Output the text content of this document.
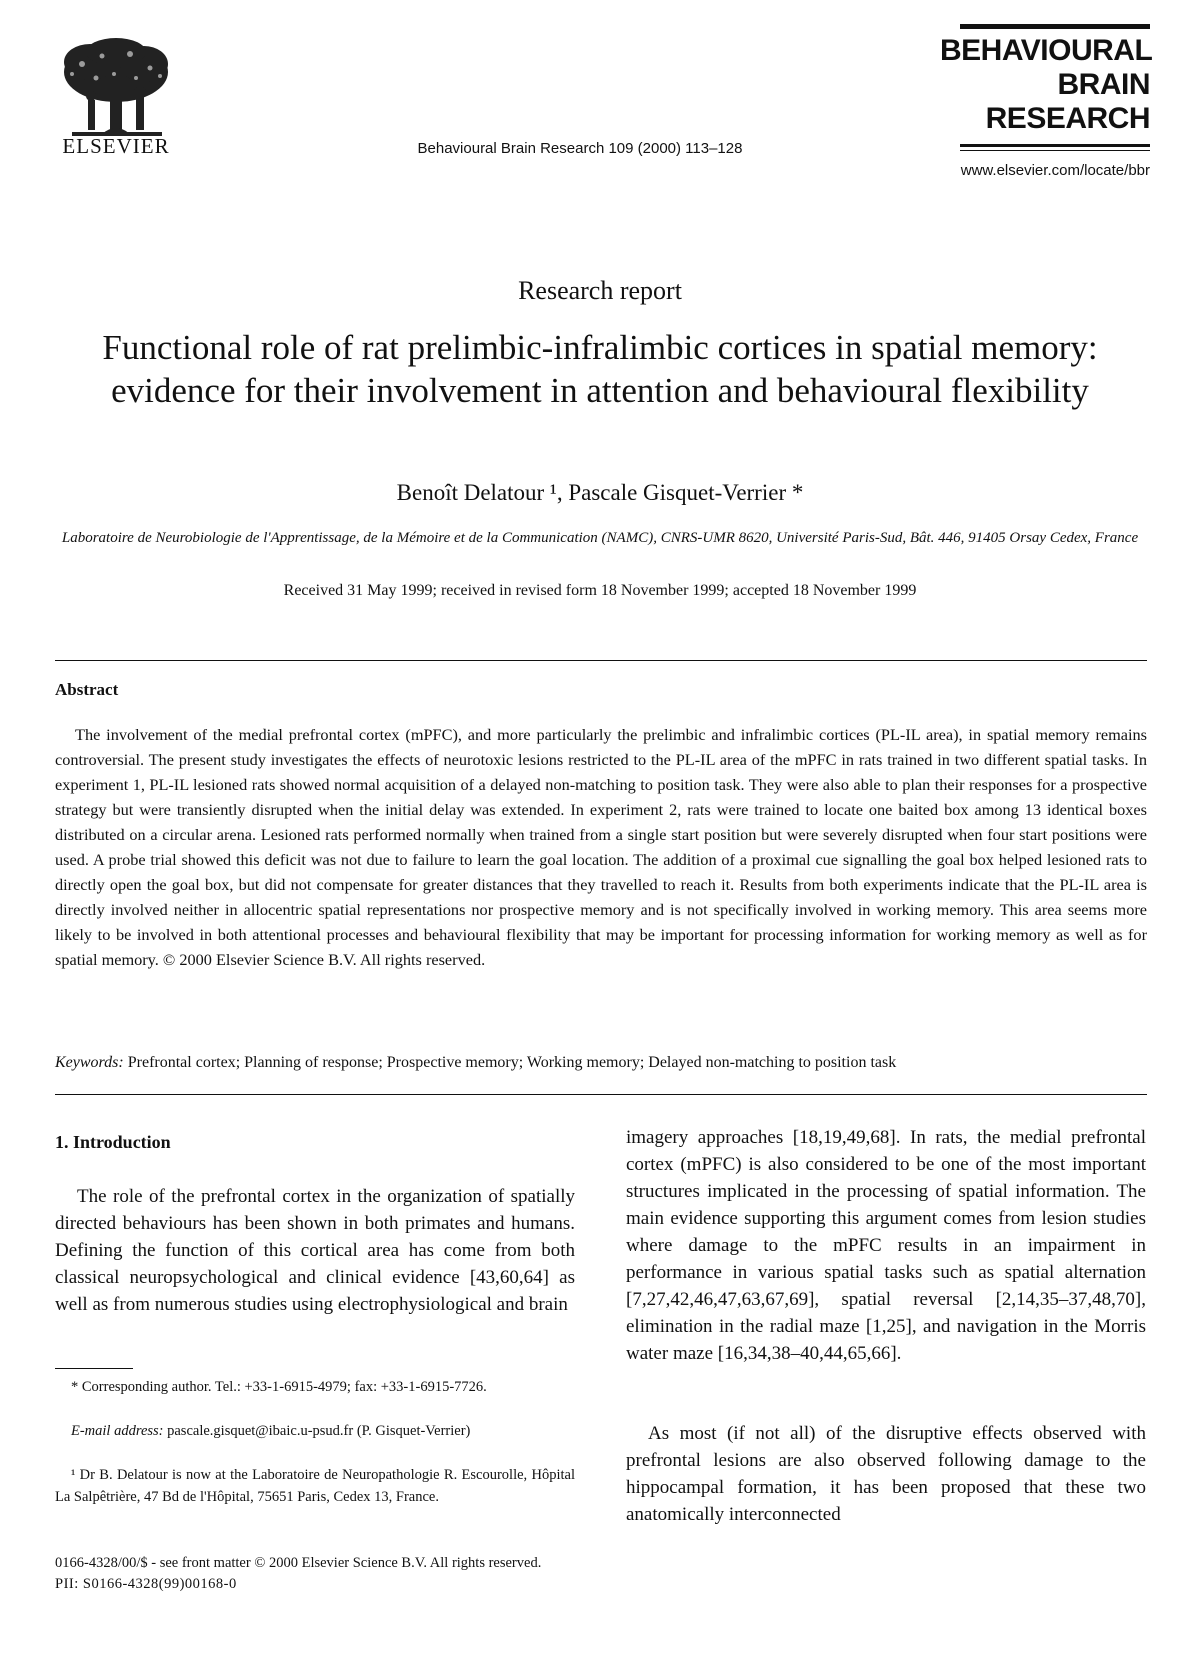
ELSEVIER	Behavioural Brain Research 109 (2000) 113–128
BEHAVIOURAL
BRAIN
RESEARCH
www.elsevier.com/locate/bbr
Research report
Functional role of rat prelimbic-infralimbic cortices in spatial memory: evidence for their involvement in attention and behavioural flexibility
Benoît Delatour ¹, Pascale Gisquet-Verrier *
Laboratoire de Neurobiologie de l'Apprentissage, de la Mémoire et de la Communication (NAMC), CNRS-UMR 8620, Université Paris-Sud, Bât. 446, 91405 Orsay Cedex, France
Received 31 May 1999; received in revised form 18 November 1999; accepted 18 November 1999
Abstract
The involvement of the medial prefrontal cortex (mPFC), and more particularly the prelimbic and infralimbic cortices (PL-IL area), in spatial memory remains controversial. The present study investigates the effects of neurotoxic lesions restricted to the PL-IL area of the mPFC in rats trained in two different spatial tasks. In experiment 1, PL-IL lesioned rats showed normal acquisition of a delayed non-matching to position task. They were also able to plan their responses for a prospective strategy but were transiently disrupted when the initial delay was extended. In experiment 2, rats were trained to locate one baited box among 13 identical boxes distributed on a circular arena. Lesioned rats performed normally when trained from a single start position but were severely disrupted when four start positions were used. A probe trial showed this deficit was not due to failure to learn the goal location. The addition of a proximal cue signalling the goal box helped lesioned rats to directly open the goal box, but did not compensate for greater distances that they travelled to reach it. Results from both experiments indicate that the PL-IL area is directly involved neither in allocentric spatial representations nor prospective memory and is not specifically involved in working memory. This area seems more likely to be involved in both attentional processes and behavioural flexibility that may be important for processing information for working memory as well as for spatial memory. © 2000 Elsevier Science B.V. All rights reserved.
Keywords: Prefrontal cortex; Planning of response; Prospective memory; Working memory; Delayed non-matching to position task
1. Introduction
The role of the prefrontal cortex in the organization of spatially directed behaviours has been shown in both primates and humans. Defining the function of this cortical area has come from both classical neuropsychological and clinical evidence [43,60,64] as well as from numerous studies using electrophysiological and brain
imagery approaches [18,19,49,68]. In rats, the medial prefrontal cortex (mPFC) is also considered to be one of the most important structures implicated in the processing of spatial information. The main evidence supporting this argument comes from lesion studies where damage to the mPFC results in an impairment in performance in various spatial tasks such as spatial alternation [7,27,42,46,47,63,67,69], spatial reversal [2,14,35–37,48,70], elimination in the radial maze [1,25], and navigation in the Morris water maze [16,34,38–40,44,65,66].
As most (if not all) of the disruptive effects observed with prefrontal lesions are also observed following damage to the hippocampal formation, it has been proposed that these two anatomically interconnected
* Corresponding author. Tel.: +33-1-6915-4979; fax: +33-1-6915-7726.
E-mail address: pascale.gisquet@ibaic.u-psud.fr (P. Gisquet-Verrier)
¹ Dr B. Delatour is now at the Laboratoire de Neuropathologie R. Escourolle, Hôpital La Salpêtrière, 47 Bd de l'Hôpital, 75651 Paris, Cedex 13, France.
0166-4328/00/$ - see front matter © 2000 Elsevier Science B.V. All rights reserved.
PII: S0166-4328(99)00168-0
